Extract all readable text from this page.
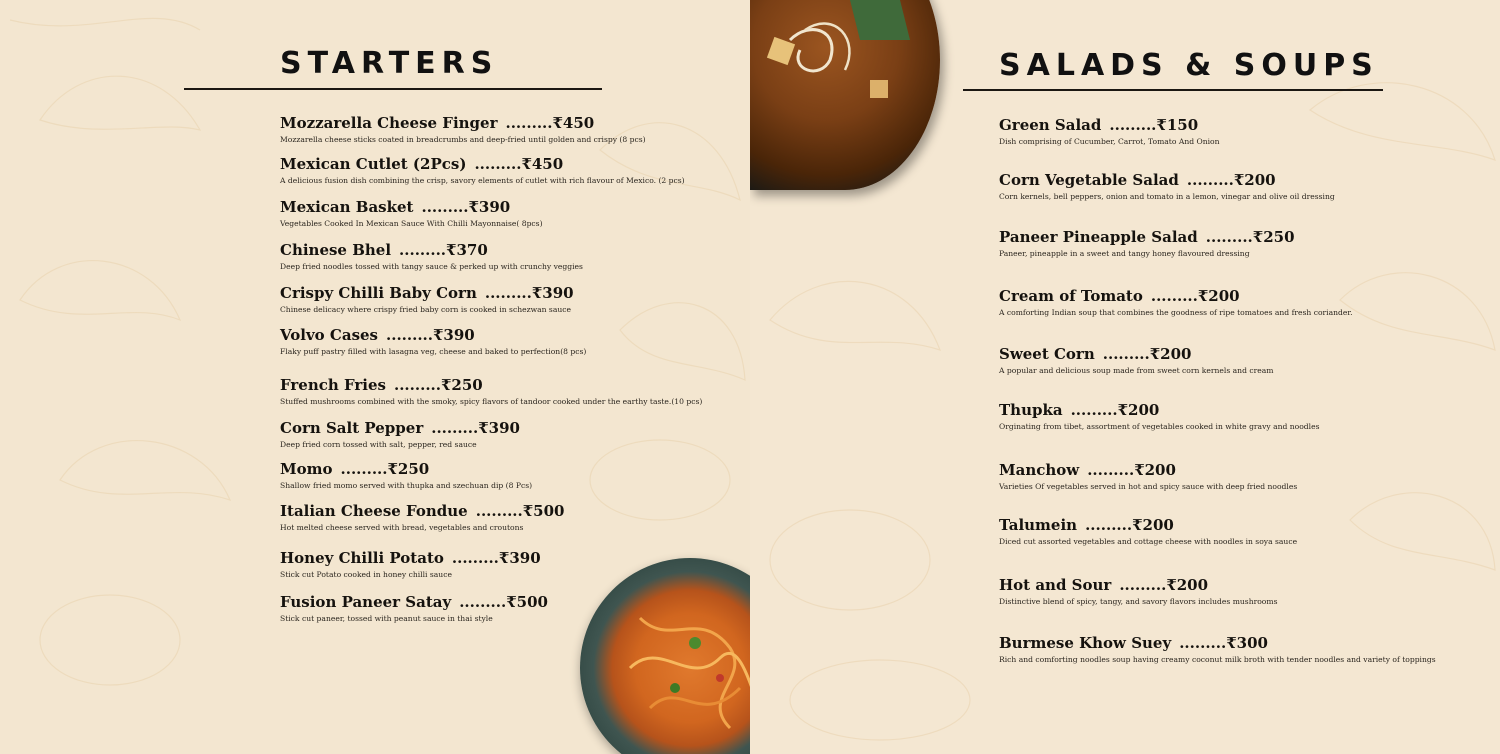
STARTERS
Mozzarella Cheese Finger .........₹450
Mozzarella cheese sticks coated in breadcrumbs and deep-fried until golden and crispy (8 pcs)
Mexican Cutlet (2Pcs) .........₹450
A delicious fusion dish combining the crisp, savory elements of cutlet with rich flavour of Mexico. (2 pcs)
Mexican Basket .........₹390
Vegetables Cooked In Mexican Sauce With Chilli Mayonnaise( 8pcs)
Chinese Bhel .........₹370
Deep fried noodles tossed with tangy sauce & perked up with crunchy veggies
Crispy Chilli Baby Corn .........₹390
Chinese delicacy where crispy fried baby corn is cooked in schezwan sauce
Volvo Cases .........₹390
Flaky puff pastry filled with lasagna veg, cheese and baked to perfection(8 pcs)
French Fries .........₹250
Stuffed mushrooms combined with the smoky, spicy flavors of tandoor cooked under the earthy taste.(10 pcs)
Corn Salt Pepper .........₹390
Deep fried corn tossed with salt, pepper, red sauce
Momo .........₹250
Shallow fried momo served with thupka and szechuan dip (8 Pcs)
Italian Cheese Fondue .........₹500
Hot melted cheese served with bread, vegetables and croutons
Honey Chilli Potato .........₹390
Stick cut Potato cooked in honey chilli sauce
Fusion Paneer Satay .........₹500
Stick cut paneer, tossed with peanut sauce in thai style
SALADS & SOUPS
Green Salad .........₹150
Dish comprising of Cucumber, Carrot, Tomato And Onion
Corn Vegetable Salad .........₹200
Corn kernels, bell peppers, onion and tomato in a lemon, vinegar and olive oil dressing
Paneer Pineapple Salad .........₹250
Paneer, pineapple in a sweet and tangy honey flavoured dressing
Cream of Tomato .........₹200
A comforting Indian soup that combines the goodness of ripe tomatoes and fresh coriander.
Sweet Corn .........₹200
A popular and delicious soup made from sweet corn kernels and cream
Thupka .........₹200
Orginating from tibet, assortment of vegetables cooked in white gravy and noodles
Manchow .........₹200
Varieties Of vegetables served in hot and spicy sauce with deep fried noodles
Talumein .........₹200
Diced cut assorted vegetables and cottage cheese with noodles in soya sauce
Hot and Sour .........₹200
Distinctive blend of spicy, tangy, and savory flavors includes mushrooms
Burmese Khow Suey .........₹300
Rich and comforting noodles soup having creamy coconut milk broth with tender noodles and variety of toppings
